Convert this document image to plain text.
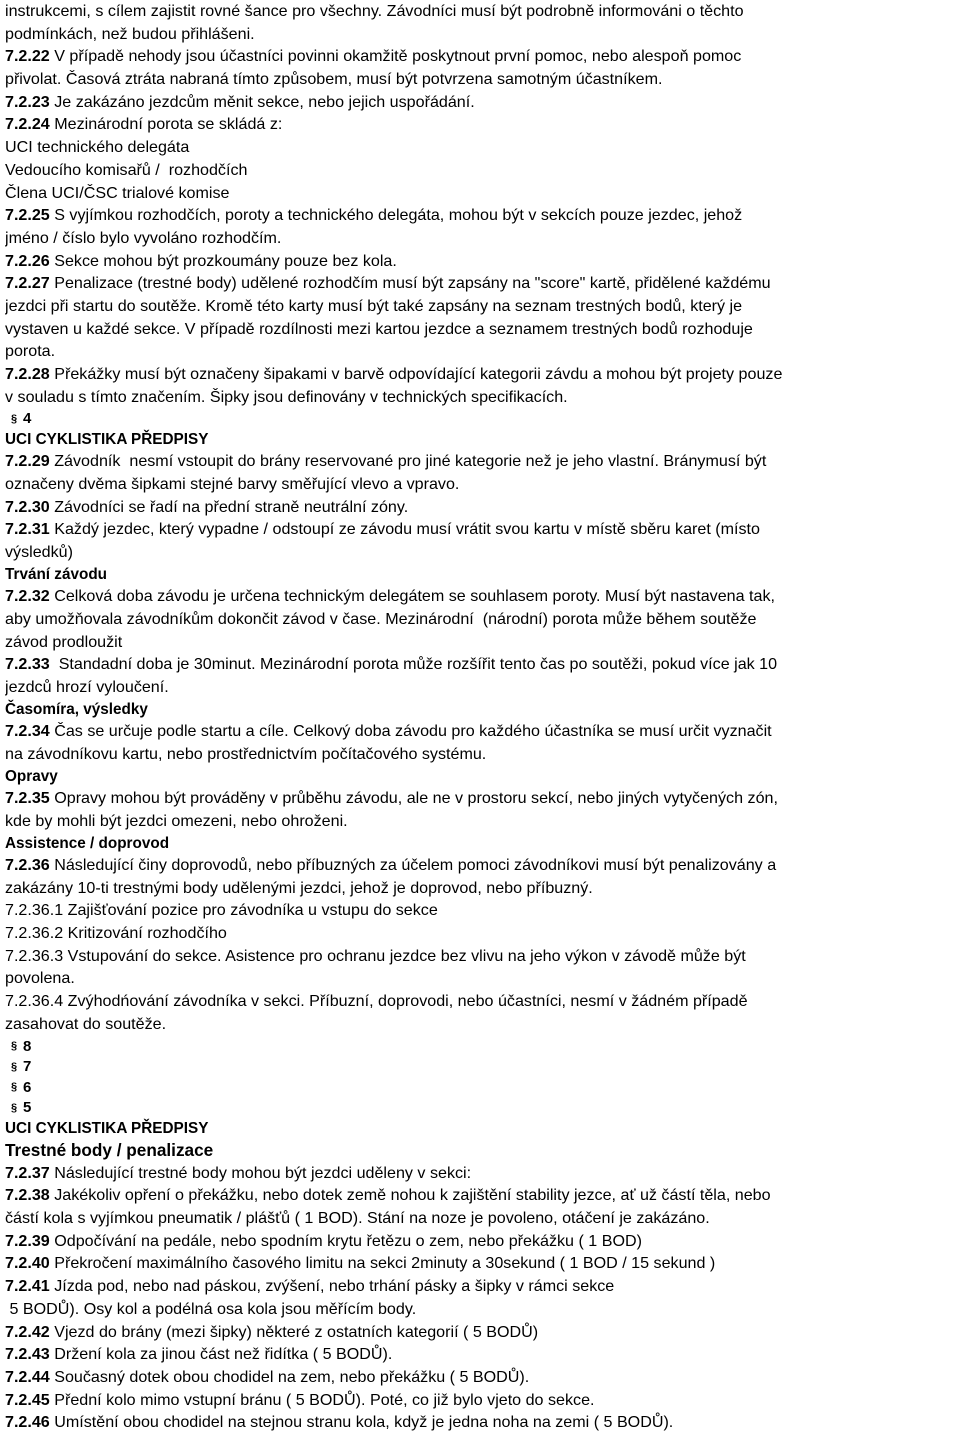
instrukcemi, s cílem zajistit rovné šance pro všechny. Závodníci musí být podrobně informováni o těchto
podmínkách, než budou přihlášeni.
7.2.22 V případě nehody jsou účastníci povinni okamžitě poskytnout první pomoc, nebo alespoň pomoc
přivolat. Časová ztráta nabraná tímto způsobem, musí být potvrzena samotným účastníkem.
7.2.23 Je zakázáno jezdcům měnit sekce, nebo jejich uspořádání.
7.2.24 Mezinárodní porota se skládá z:
UCI technického delegáta
Vedoucího komisařů /  rozhodčích
Člena UCI/ČSC trialové komise
7.2.25 S vyjímkou rozhodčích, poroty a technického delegáta, mohou být v sekcích pouze jezdec, jehož
jméno / číslo bylo vyvoláno rozhodčím.
7.2.26 Sekce mohou být prozkoumány pouze bez kola.
7.2.27 Penalizace (trestné body) udělené rozhodčím musí být zapsány na "score" kartě, přidělené každému
jezdci při startu do soutěže. Kromě této karty musí být také zapsány na seznam trestných bodů, který je
vystaven u každé sekce. V případě rozdílnosti mezi kartou jezdce a seznamem trestných bodů rozhoduje
porota.
7.2.28 Překážky musí být označeny šipakami v barvě odpovídající kategorii závdu a mohou být projety pouze
v souladu s tímto značením. Šipky jsou definovány v technických specifikacích.
§ 4
UCI CYKLISTIKA PŘEDPISY
7.2.29 Závodník  nesmí vstoupit do brány reservované pro jiné kategorie než je jeho vlastní. Bránymusí být
označeny dvěma šipkami stejné barvy směřující vlevo a vpravo.
7.2.30 Závodníci se řadí na přední straně neutrální zóny.
7.2.31 Každý jezdec, který vypadne / odstoupí ze závodu musí vrátit svou kartu v místě sběru karet (místo
výsledků)
Trvání závodu
7.2.32 Celková doba závodu je určena technickým delegátem se souhlasem poroty. Musí být nastavena tak,
aby umožňovala závodníkům dokončit závod v čase. Mezinárodní  (národní) porota může během soutěže
závod prodloužit
7.2.33  Standadní doba je 30minut. Mezinárodní porota může rozšířit tento čas po soutěži, pokud více jak 10
jezdců hrozí vyloučení.
Časomíra, výsledky
7.2.34 Čas se určuje podle startu a cíle. Celkový doba závodu pro každého účastníka se musí určit vyznačit
na závodníkovu kartu, nebo prostřednictvím počítačového systému.
Opravy
7.2.35 Opravy mohou být prováděny v průběhu závodu, ale ne v prostoru sekcí, nebo jiných vytyčených zón,
kde by mohli být jezdci omezeni, nebo ohroženi.
Assistence / doprovod
7.2.36 Následující činy doprovodů, nebo příbuzných za účelem pomoci závodníkovi musí být penalizovány a
zakázány 10-ti trestnými body udělenými jezdci, jehož je doprovod, nebo příbuzný.
7.2.36.1 Zajišťování pozice pro závodníka u vstupu do sekce
7.2.36.2 Kritizování rozhodčího
7.2.36.3 Vstupování do sekce. Asistence pro ochranu jezdce bez vlivu na jeho výkon v závodě může být
povolena.
7.2.36.4 Zvýhodńování závodníka v sekci. Příbuzní, doprovodi, nebo účastníci, nesmí v žádném případě
zasahovat do soutěže.
§ 8
§ 7
§ 6
§ 5
UCI CYKLISTIKA PŘEDPISY
Trestné body / penalizace
7.2.37 Následující trestné body mohou být jezdci uděleny v sekci:
7.2.38 Jakékoliv opření o překážku, nebo dotek země nohou k zajištění stability jezce, ať už částí těla, nebo
částí kola s vyjímkou pneumatik / plášťů ( 1 BOD). Stání na noze je povoleno, otáčení je zakázáno.
7.2.39 Odpočívání na pedále, nebo spodním krytu řetězu o zem, nebo překážku ( 1 BOD)
7.2.40 Překročení maximálního časového limitu na sekci 2minuty a 30sekund ( 1 BOD / 15 sekund )
7.2.41 Jízda pod, nebo nad páskou, zvýšení, nebo trhání pásky a šipky v rámci sekce
5 BODŮ). Osy kol a podélná osa kola jsou měřícím body.
7.2.42 Vjezd do brány (mezi šipky) některé z ostatních kategorií ( 5 BODŮ)
7.2.43 Držení kola za jinou část než řidítka ( 5 BODŮ).
7.2.44 Současný dotek obou chodidel na zem, nebo překážku ( 5 BODŮ).
7.2.45 Přední kolo mimo vstupní bránu ( 5 BODŮ). Poté, co již bylo vjeto do sekce.
7.2.46 Umístění obou chodidel na stejnou stranu kola, když je jedna noha na zemi ( 5 BODŮ).
